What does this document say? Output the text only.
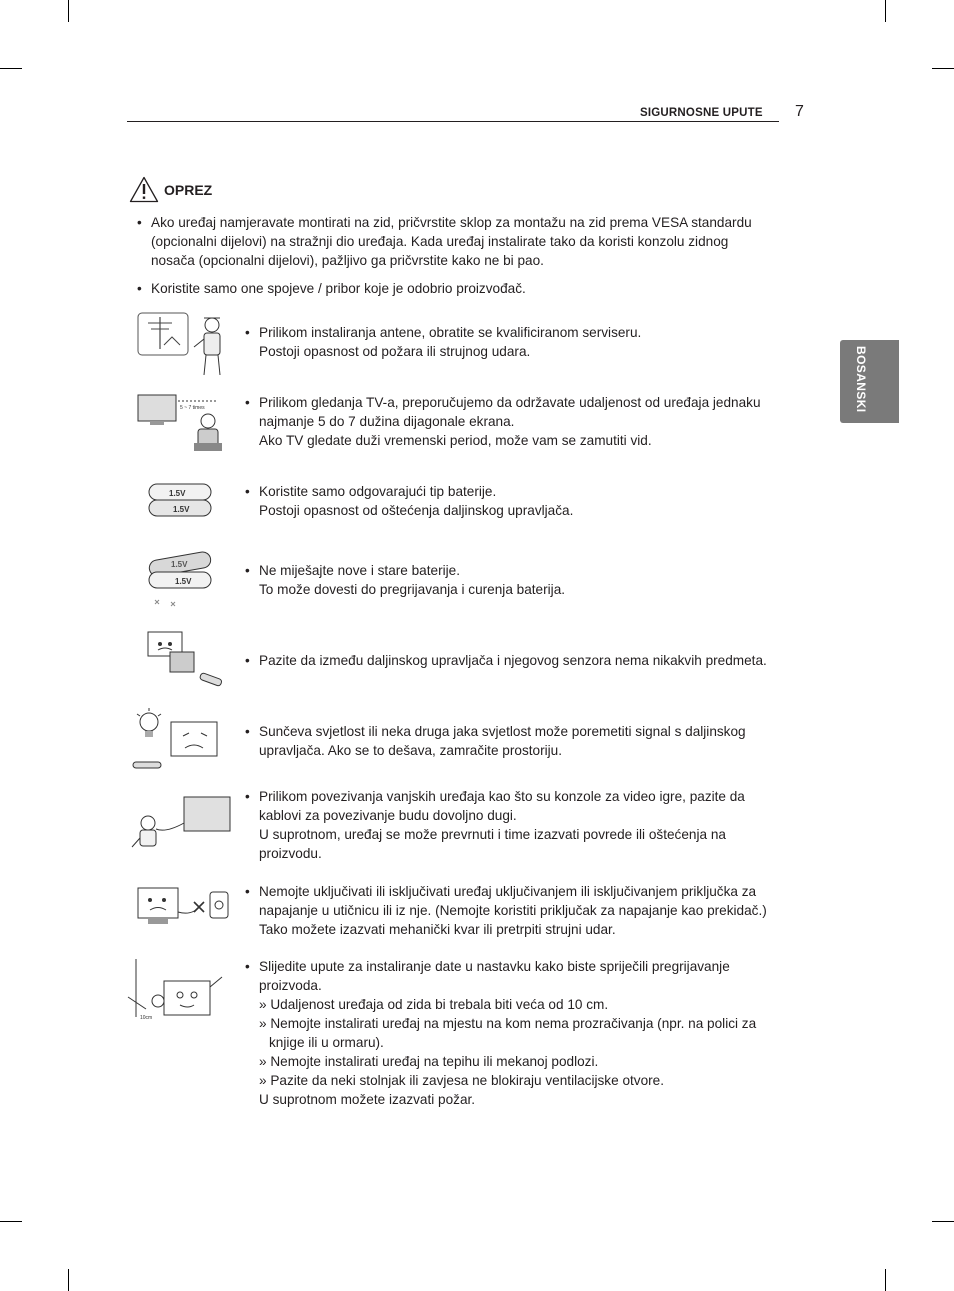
SIGURNOSNE UPUTE 7
BOSANSKI
OPREZ
• Ako uređaj namjeravate montirati na zid, pričvrstite sklop za montažu na zid prema VESA standardu
(opcionalni dijelovi) na stražnji dio uređaja. Kada uređaj instalirate tako da koristi konzolu zidnog
nosača (opcionalni dijelovi), pažljivo ga pričvrstite kako ne bi pao.
• Koristite samo one spojeve / pribor koje je odobrio proizvođač.
• Prilikom instaliranja antene, obratite se kvalificiranom serviseru.
Postoji opasnost od požara ili strujnog udara.
5 ~ 7 times	• Prilikom gledanja TV-a, preporučujemo da održavate udaljenost od uređaja jednaku
najmanje 5 do 7 dužina dijagonale ekrana.
Ako TV gledate duži vremenski period, može vam se zamutiti vid.
1.5V
1.5V
• Koristite samo odgovarajući tip baterije.
Postoji opasnost od oštećenja daljinskog upravljača.
1.5V
1.5V
• Ne miješajte nove i stare baterije.
To može dovesti do pregrijavanja i curenja baterija.
• Pazite da između daljinskog upravljača i njegovog senzora nema nikakvih predmeta.
• Sunčeva svjetlost ili neka druga jaka svjetlost može poremetiti signal s daljinskog
upravljača. Ako se to dešava, zamračite prostoriju.
• Prilikom povezivanja vanjskih uređaja kao što su konzole za video igre, pazite da
kablovi za povezivanje budu dovoljno dugi.
U suprotnom, uređaj se može prevrnuti i time izazvati povrede ili oštećenja na
proizvodu.
• Nemojte uključivati ili isključivati uređaj uključivanjem ili isključivanjem priključka za
napajanje u utičnicu ili iz nje. (Nemojte koristiti priključak za napajanje kao prekidač.)
Tako možete izazvati mehanički kvar ili pretrpiti strujni udar.
10cm
• Slijedite upute za instaliranje date u nastavku kako biste spriječili pregrijavanje
proizvoda.
» Udaljenost uređaja od zida bi trebala biti veća od 10 cm.
» Nemojte instalirati uređaj na mjestu na kom nema prozračivanja (npr. na polici za
knjige ili u ormaru).
» Nemojte instalirati uređaj na tepihu ili mekanoj podlozi.
» Pazite da neki stolnjak ili zavjesa ne blokiraju ventilacijske otvore.
U suprotnom možete izazvati požar.
